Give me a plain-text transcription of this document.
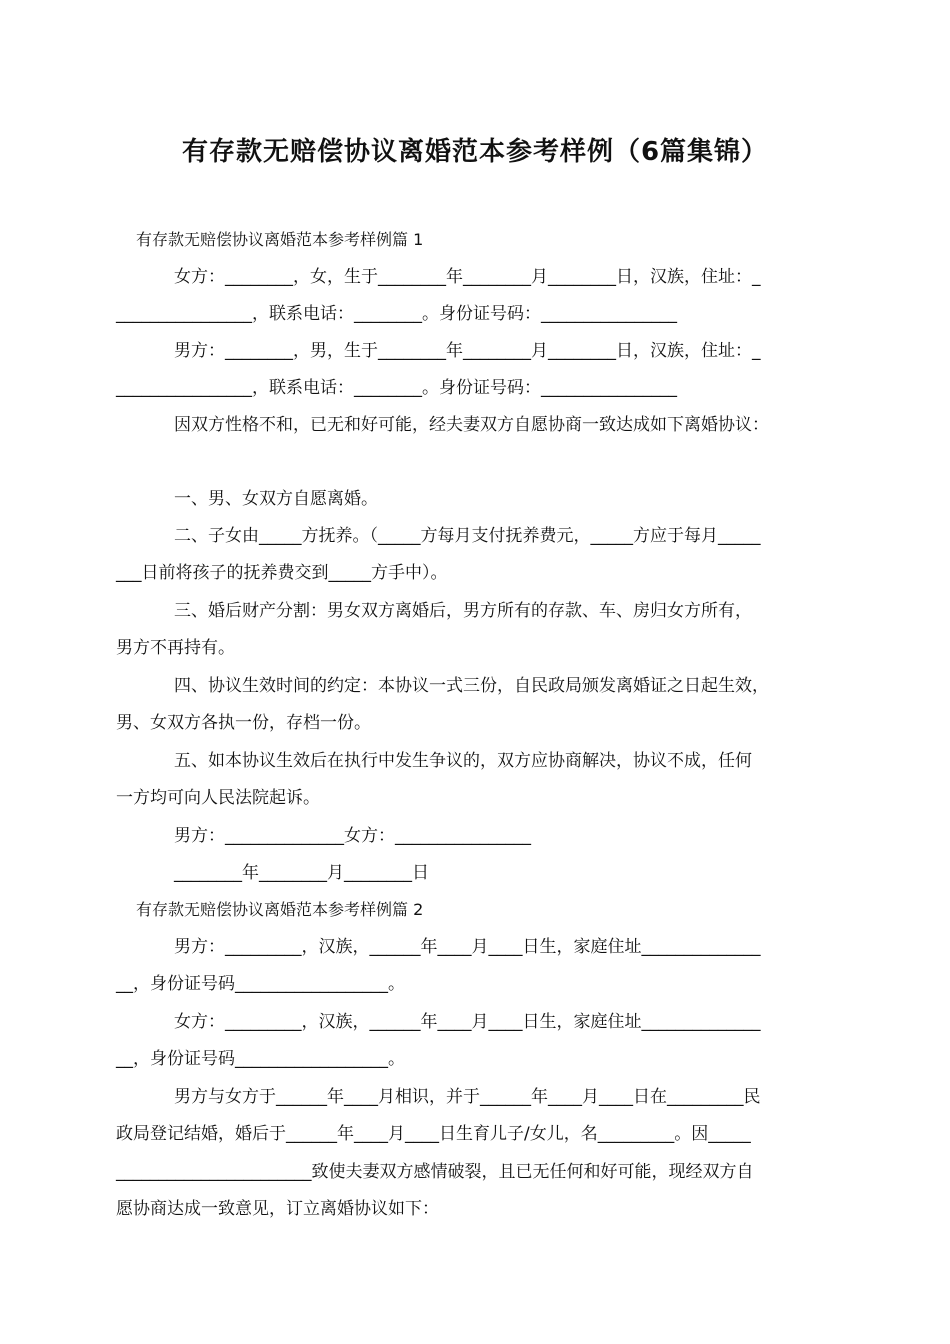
有存款无赔偿协议离婚范本参考样例（6篇集锦）
有存款无赔偿协议离婚范本参考样例篇 1
女方：________，女，生于________年________月________日，汉族，住址：_
________________，联系电话：________。身份证号码：________________
男方：________，男，生于________年________月________日，汉族，住址：_
________________，联系电话：________。身份证号码：________________
因双方性格不和，已无和好可能，经夫妻双方自愿协商一致达成如下离婚协议：
一、男、女双方自愿离婚。
二、子女由_____方抚养。（_____方每月支付抚养费元，_____方应于每月_____
___日前将孩子的抚养费交到_____方手中）。
三、婚后财产分割：男女双方离婚后，男方所有的存款、车、房归女方所有，
男方不再持有。
四、协议生效时间的约定：本协议一式三份，自民政局颁发离婚证之日起生效，
男、女双方各执一份，存档一份。
五、如本协议生效后在执行中发生争议的，双方应协商解决，协议不成，任何
一方均可向人民法院起诉。
男方：______________女方：________________
________年________月________日
有存款无赔偿协议离婚范本参考样例篇 2
男方：_________，汉族，______年____月____日生，家庭住址______________
__，身份证号码__________________。
女方：_________，汉族，______年____月____日生，家庭住址______________
__，身份证号码__________________。
男方与女方于______年____月相识，并于______年____月____日在_________民
政局登记结婚，婚后于______年____月____日生育儿子/女儿，名_________。因_____
_______________________致使夫妻双方感情破裂，且已无任何和好可能，现经双方自
愿协商达成一致意见，订立离婚协议如下：
